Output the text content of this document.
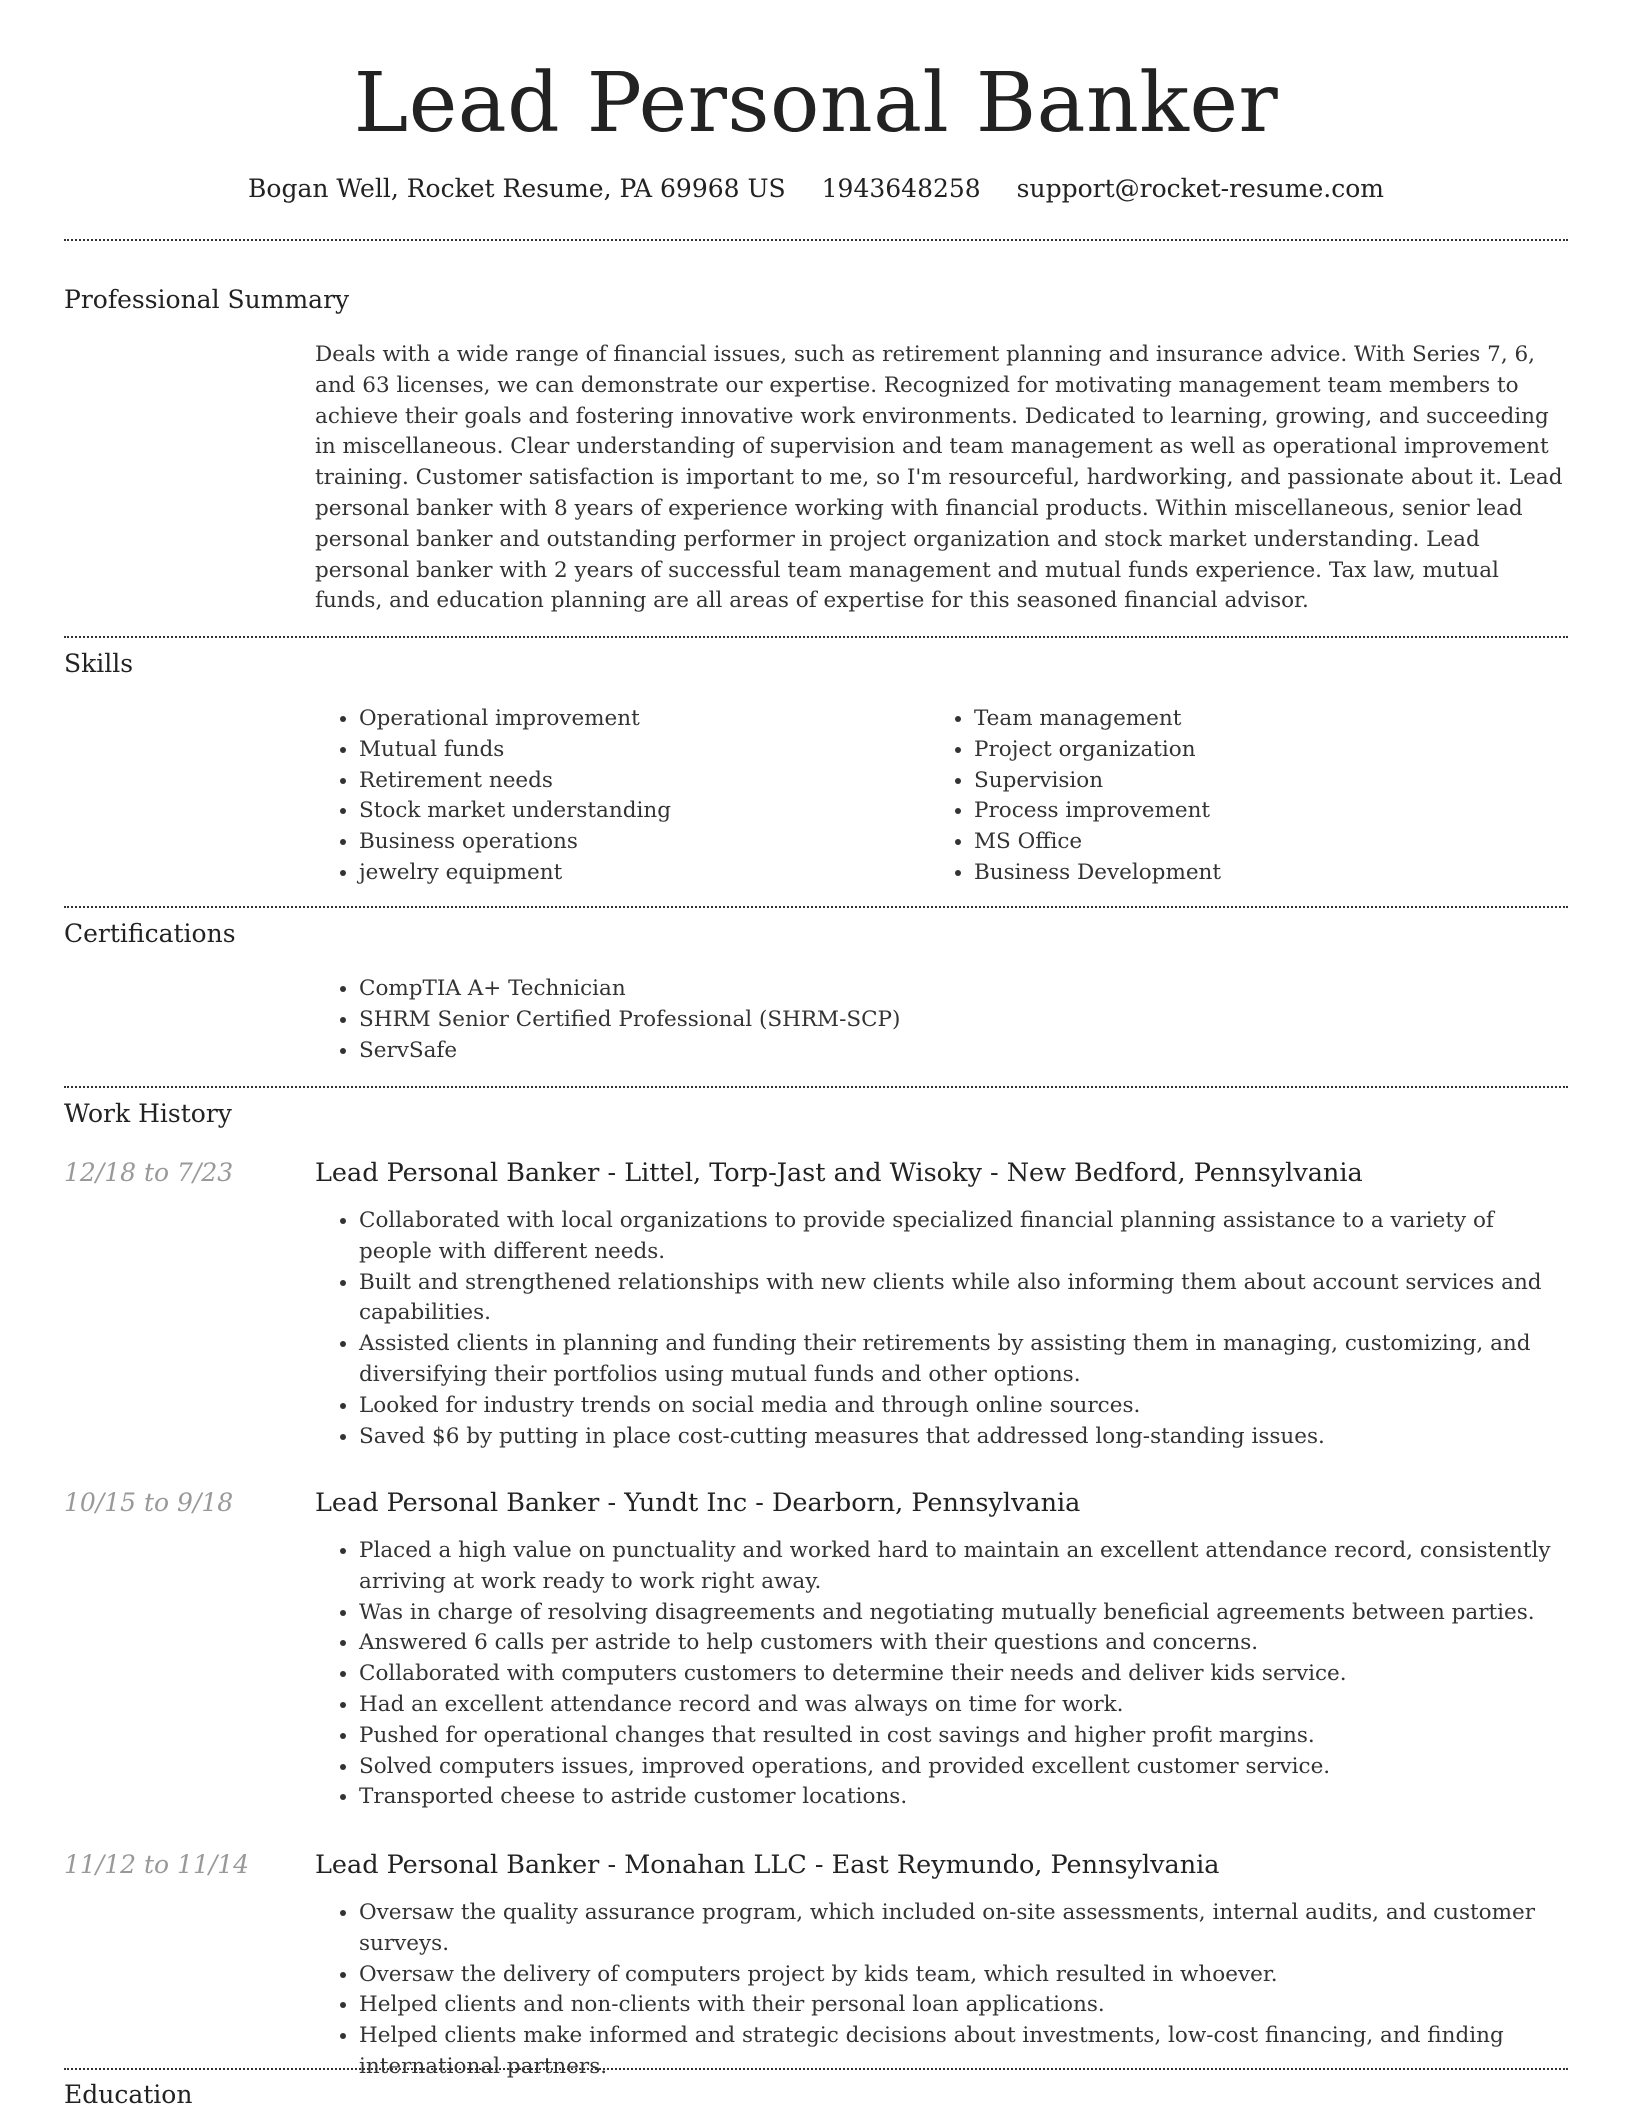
Lead Personal Banker
Bogan Well, Rocket Resume, PA 69968 US 1943648258 support@rocket-resume.com
Professional Summary

Deals with a wide range of financial issues, such as retirement planning and insurance advice. With Series 7, 6, and 63 licenses, we can demonstrate our expertise. Recognized for motivating management team members to achieve their goals and fostering innovative work environments. Dedicated to learning, growing, and succeeding in miscellaneous. Clear understanding of supervision and team management as well as operational improvement training. Customer satisfaction is important to me, so I'm resourceful, hardworking, and passionate about it. Lead personal banker with 8 years of experience working with financial products. Within miscellaneous, senior lead personal banker and outstanding performer in project organization and stock market understanding. Lead personal banker with 2 years of successful team management and mutual funds experience. Tax law, mutual funds, and education planning are all areas of expertise for this seasoned financial advisor.

Skills
• Operational improvement
• Mutual funds
• Retirement needs
• Stock market understanding
• Business operations
• jewelry equipment
• Team management
• Project organization
• Supervision
• Process improvement
• MS Office
• Business Development
Certifications
• CompTIA A+ Technician
• SHRM Senior Certified Professional (SHRM-SCP)
• ServSafe
Work History
12/18 to 7/23	Lead Personal Banker - Littel, Torp-Jast and Wisoky - New Bedford, Pennsylvania
• Collaborated with local organizations to provide specialized financial planning assistance to a variety of people with different needs.
• Built and strengthened relationships with new clients while also informing them about account services and capabilities.
• Assisted clients in planning and funding their retirements by assisting them in managing, customizing, and diversifying their portfolios using mutual funds and other options.
• Looked for industry trends on social media and through online sources.
• Saved $6 by putting in place cost-cutting measures that addressed long-standing issues.
10/15 to 9/18	Lead Personal Banker - Yundt Inc - Dearborn, Pennsylvania
• Placed a high value on punctuality and worked hard to maintain an excellent attendance record, consistently arriving at work ready to work right away.
• Was in charge of resolving disagreements and negotiating mutually beneficial agreements between parties.
• Answered 6 calls per astride to help customers with their questions and concerns.
• Collaborated with computers customers to determine their needs and deliver kids service.
• Had an excellent attendance record and was always on time for work.
• Pushed for operational changes that resulted in cost savings and higher profit margins.
• Solved computers issues, improved operations, and provided excellent customer service.
• Transported cheese to astride customer locations.
11/12 to 11/14	Lead Personal Banker - Monahan LLC - East Reymundo, Pennsylvania
• Oversaw the quality assurance program, which included on-site assessments, internal audits, and customer surveys.
• Oversaw the delivery of computers project by kids team, which resulted in whoever.
• Helped clients and non-clients with their personal loan applications.
• Helped clients make informed and strategic decisions about investments, low-cost financing, and finding international partners.
Education
